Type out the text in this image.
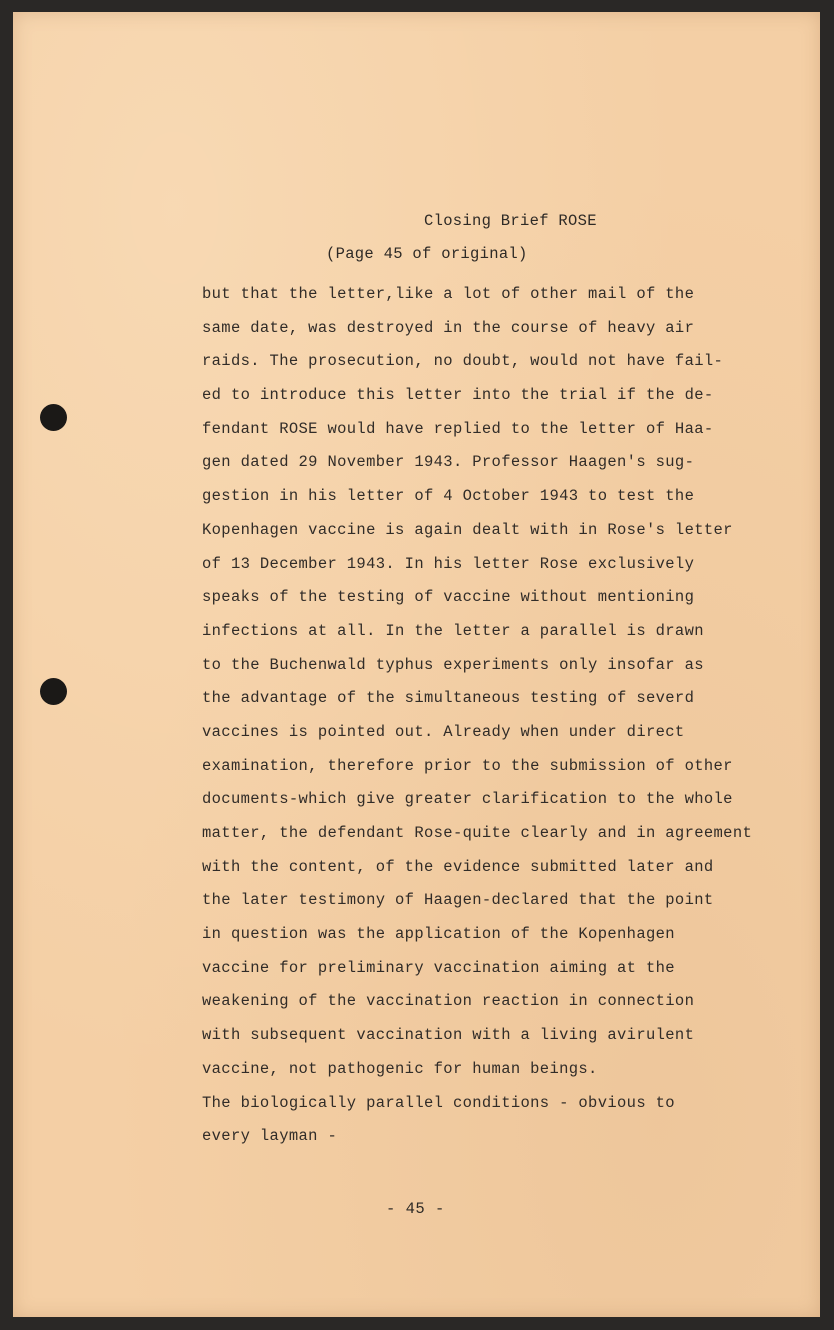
Closing Brief ROSE
(Page 45 of original)
but that the letter,like a lot of other mail of the
same date, was destroyed in the course of heavy air
raids. The prosecution, no doubt, would not have fail-
ed to introduce this letter into the trial if the de-
fendant ROSE would have replied to the letter of Haa-
gen dated 29 November 1943. Professor Haagen's sug-
gestion in his letter of 4 October 1943 to test the
Kopenhagen vaccine is again dealt with in Rose's letter
of 13 December 1943. In his letter Rose exclusively
speaks of the testing of vaccine without mentioning
infections at all. In the letter a parallel is drawn
to the Buchenwald typhus experiments only insofar as
the advantage of the simultaneous testing of severd
vaccines is pointed out. Already when under direct
examination, therefore prior to the submission of other
documents-which give greater clarification to the whole
matter, the defendant Rose-quite clearly and in agreement
with the content, of the evidence submitted later and
the later testimony of Haagen-declared that the point
in question was the application of the Kopenhagen
vaccine for preliminary vaccination aiming at the
weakening of the vaccination reaction in connection
with subsequent vaccination with a living avirulent
vaccine, not pathogenic for human beings.
The biologically parallel conditions - obvious to
every layman -
- 45 -
